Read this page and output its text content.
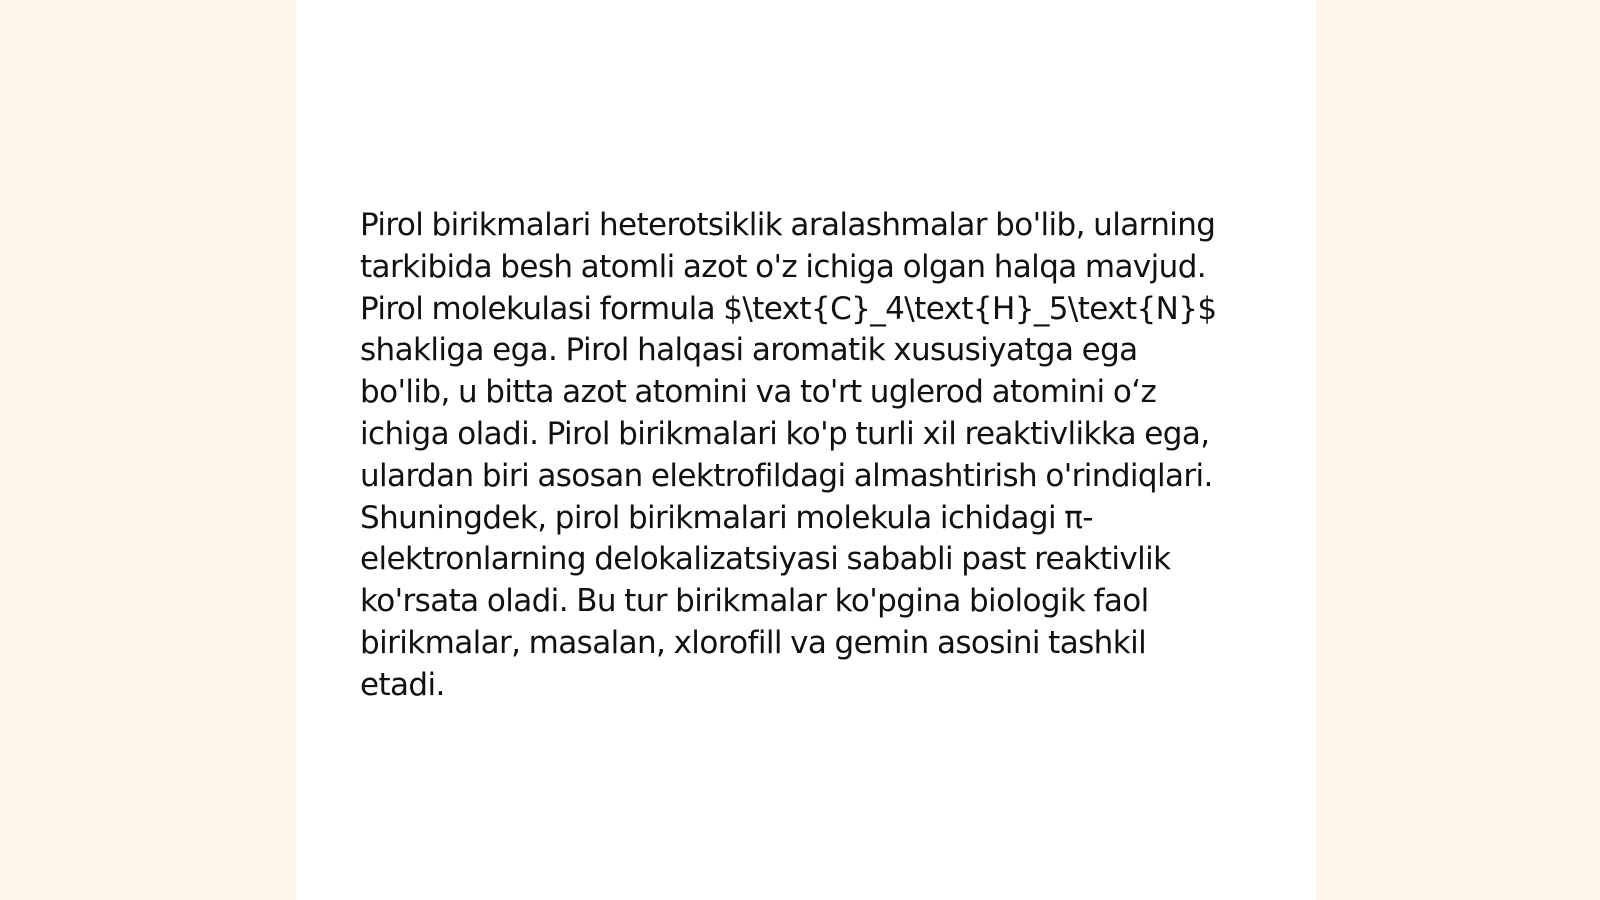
Pirol birikmalari heterotsiklik aralashmalar bo'lib, ularning tarkibida besh atomli azot o'z ichiga olgan halqa mavjud. Pirol molekulasi formula $\text{C}_4\text{H}_5\text{N}$ shakliga ega. Pirol halqasi aromatik xususiyatga ega bo'lib, u bitta azot atomini va to'rt uglerod atomini o‘z ichiga oladi. Pirol birikmalari ko'p turli xil reaktivlikka ega, ulardan biri asosan elektrofildagi almashtirish o'rindiqlari. Shuningdek, pirol birikmalari molekula ichidagi π-elektronlarning delokalizatsiyasi sababli past reaktivlik ko'rsata oladi. Bu tur birikmalar ko'pgina biologik faol birikmalar, masalan, xlorofill va gemin asosini tashkil etadi.
